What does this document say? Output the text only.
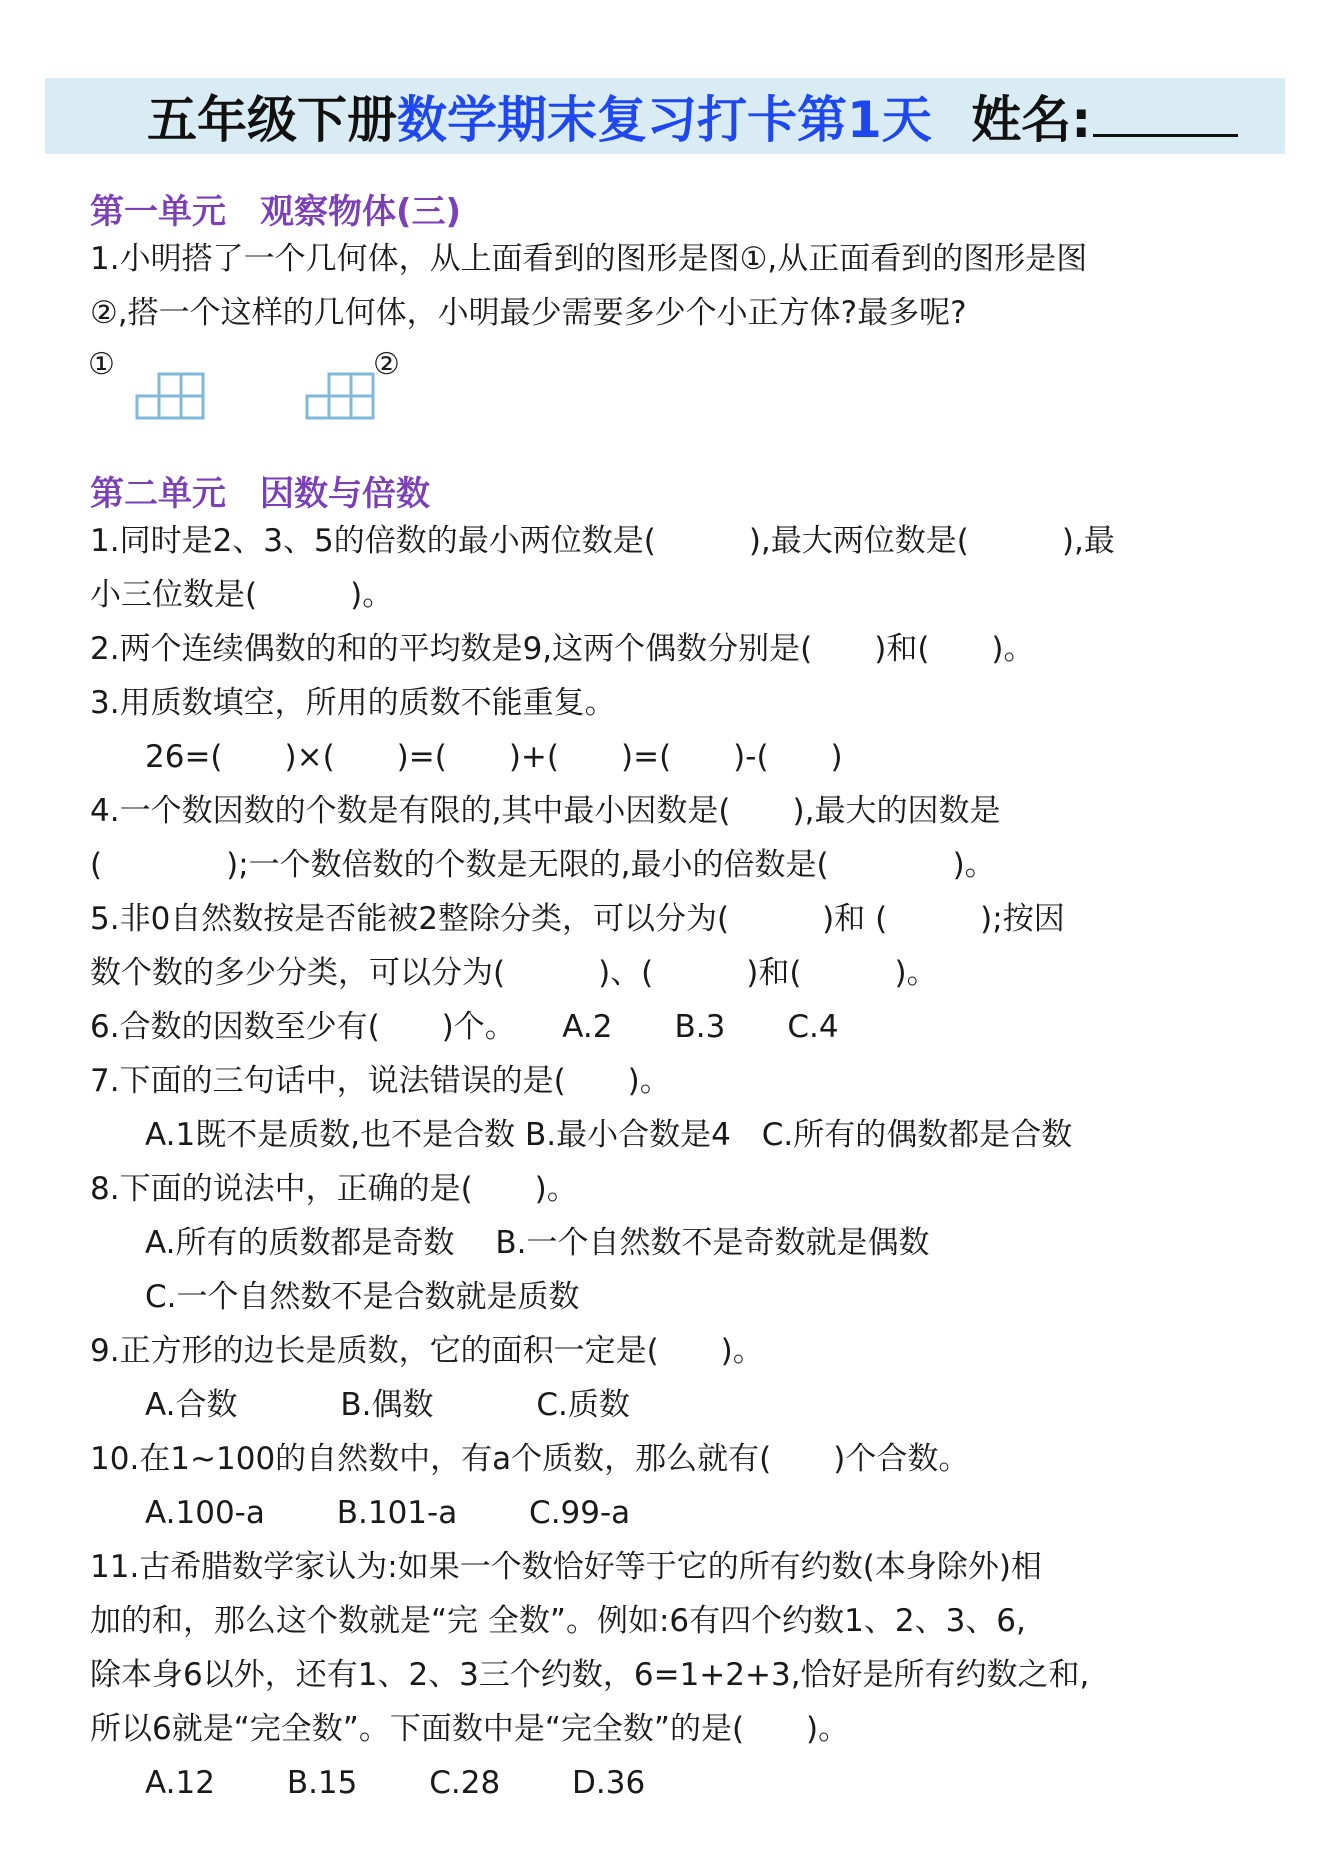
五年级下册数学期末复习打卡第1天 姓名:
第一单元　观察物体(三)
1.小明搭了一个几何体，从上面看到的图形是图①,从正面看到的图形是图
②,搭一个这样的几何体，小明最少需要多少个小正方体?最多呢?
①	②
第二单元　因数与倍数
1.同时是2、3、5的倍数的最小两位数是(　　　),最大两位数是(　　　),最
小三位数是(　　　)。
2.两个连续偶数的和的平均数是9,这两个偶数分别是(　　)和(　　)。
3.用质数填空，所用的质数不能重复。
26=(　　)×(　　)=(　　)+(　　)=(　　)-(　　)
4.一个数因数的个数是有限的,其中最小因数是(　　),最大的因数是
(　　　　);一个数倍数的个数是无限的,最小的倍数是(　　　　)。
5.非0自然数按是否能被2整除分类，可以分为(　　　)和 (　　　);按因
数个数的多少分类，可以分为(　　　)、(　　　)和(　　　)。
6.合数的因数至少有(　　)个。　　A.2　　B.3　　C.4
7.下面的三句话中，说法错误的是(　　)。
A.1既不是质数,也不是合数 B.最小合数是4　C.所有的偶数都是合数
8.下面的说法中，正确的是(　　)。
A.所有的质数都是奇数　 B.一个自然数不是奇数就是偶数
C.一个自然数不是合数就是质数
9.正方形的边长是质数，它的面积一定是(　　)。
A.合数　　　 B.偶数　　　 C.质数
10.在1~100的自然数中，有a个质数，那么就有(　　)个合数。
A.100-a　　 B.101-a　　 C.99-a
11.古希腊数学家认为:如果一个数恰好等于它的所有约数(本身除外)相
加的和，那么这个数就是“完 全数”。例如:6有四个约数1、2、3、6,
除本身6以外，还有1、2、3三个约数，6=1+2+3,恰好是所有约数之和,
所以6就是“完全数”。下面数中是“完全数”的是(　　)。
A.12　　 B.15　　 C.28　　 D.36
